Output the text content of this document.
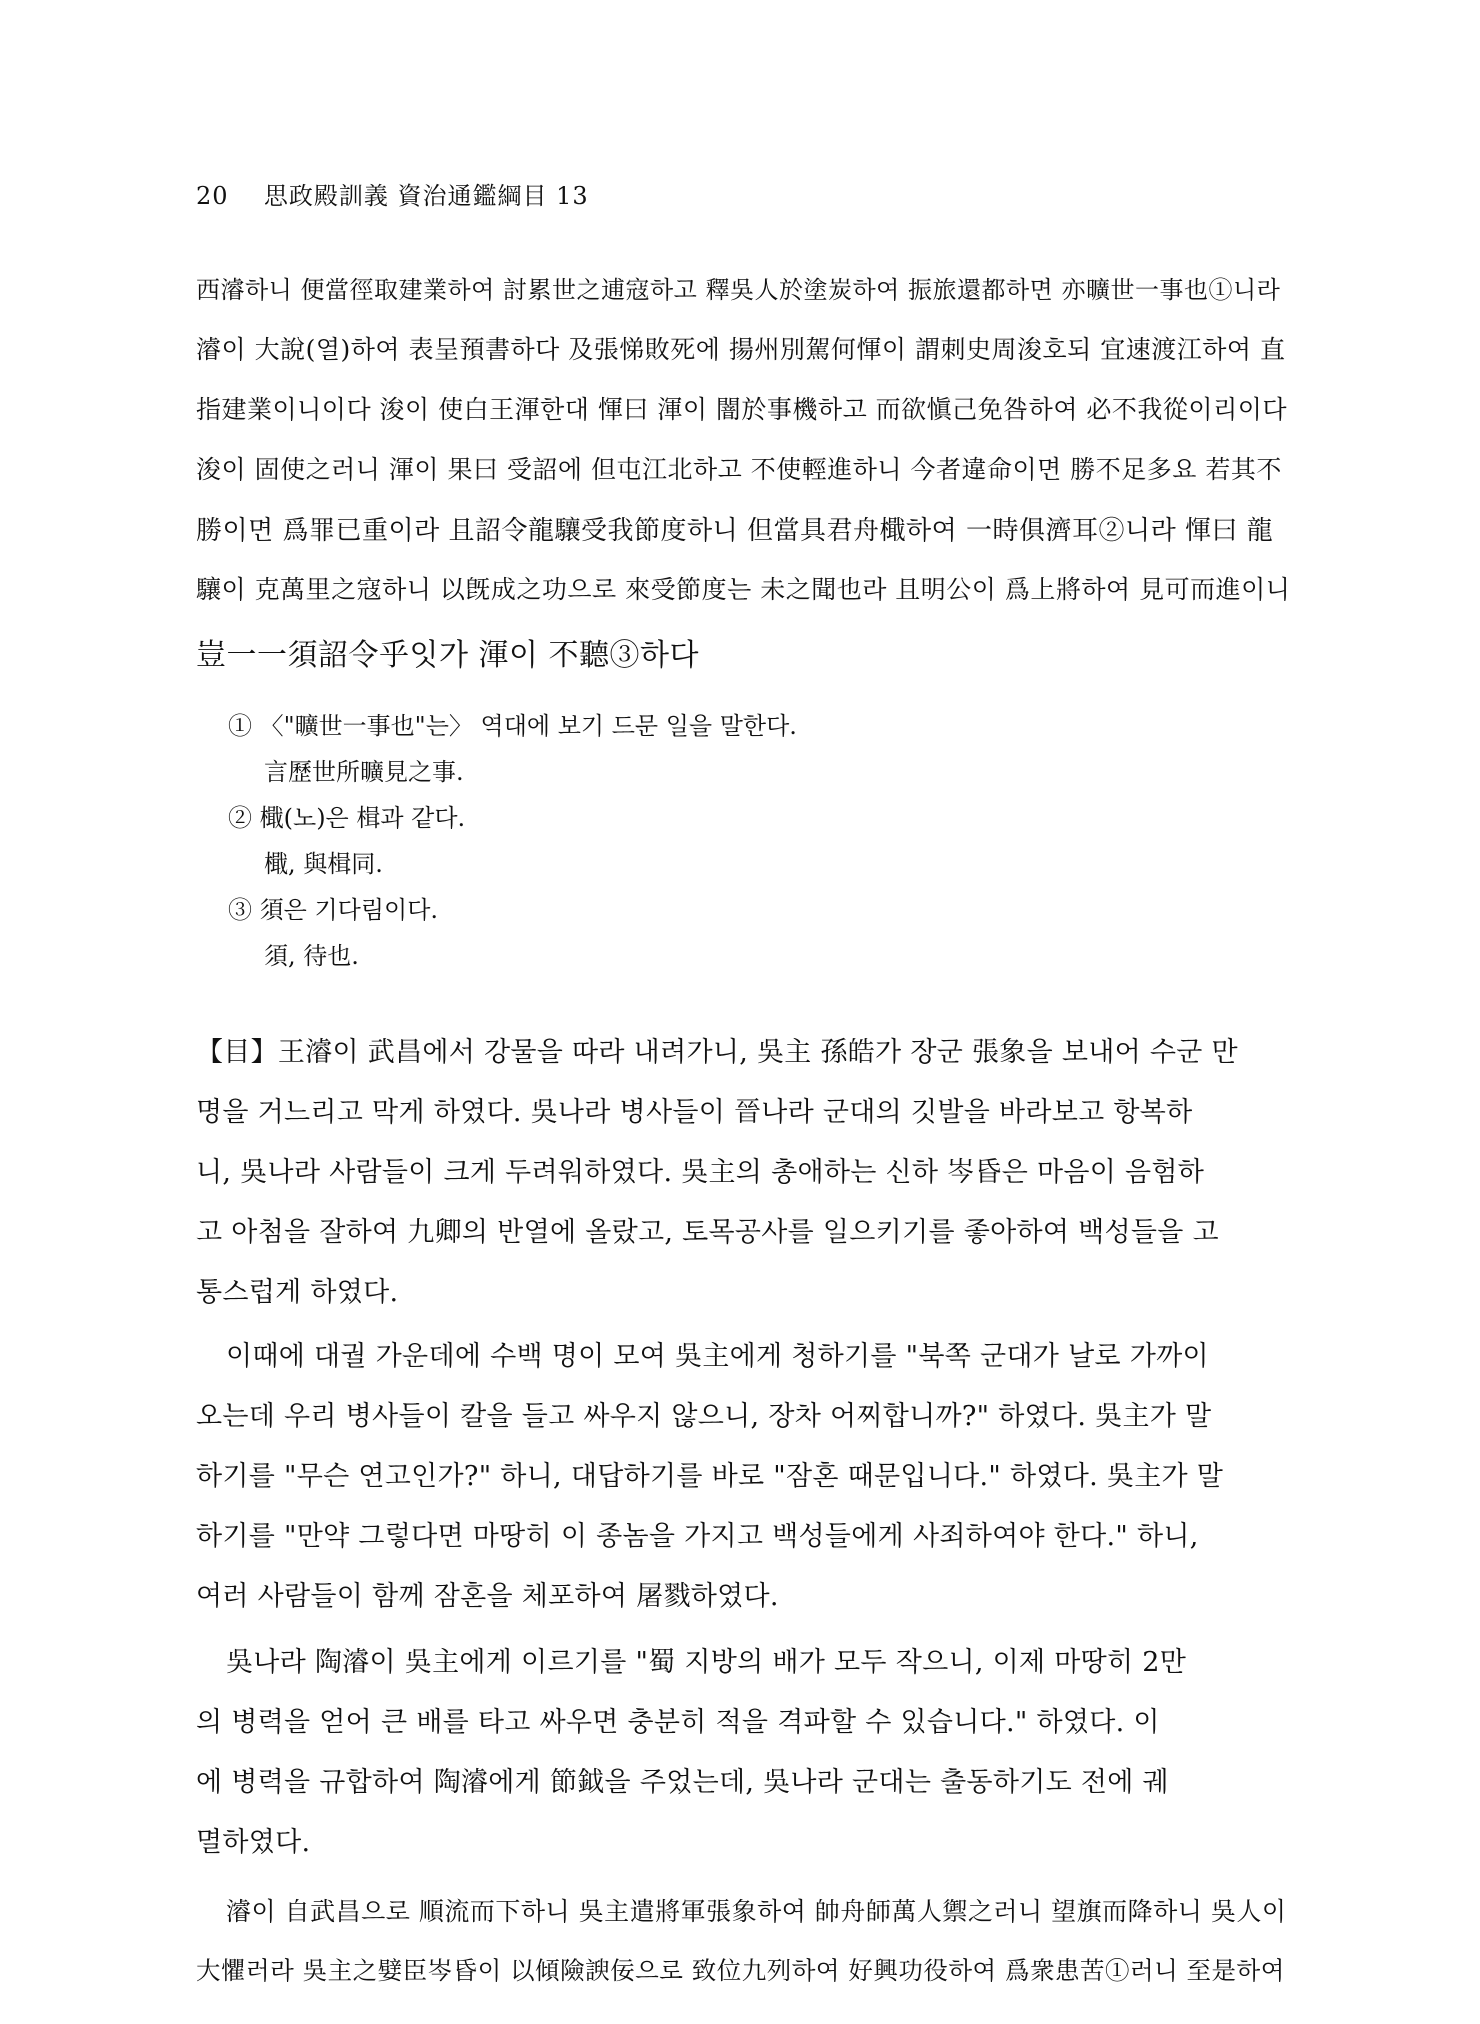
20 思政殿訓義 資治通鑑綱目 13
西濬하니 便當徑取建業하여 討累世之逋寇하고 釋吳人於塗炭하여 振旅還都하면 亦曠世一事也①니라
濬이 大說(열)하여 表呈預書하다 及張悌敗死에 揚州別駕何惲이 謂刺史周浚호되 宜速渡江하여 直
指建業이니이다 浚이 使白王渾한대 惲曰 渾이 闇於事機하고 而欲愼己免咎하여 必不我從이리이다
浚이 固使之러니 渾이 果曰 受詔에 但屯江北하고 不使輕進하니 今者違命이면 勝不足多요 若其不
勝이면 爲罪已重이라 且詔令龍驤受我節度하니 但當具君舟檝하여 一時俱濟耳②니라 惲曰 龍
驤이 克萬里之寇하니 以旣成之功으로 來受節度는 未之聞也라 且明公이 爲上將하여 見可而進이니
豈一一須詔令乎잇가 渾이 不聽③하다
① 〈"曠世一事也"는〉 역대에 보기 드문 일을 말한다.
言歷世所曠見之事.
② 檝(노)은 楫과 같다.
檝, 與楫同.
③ 須은 기다림이다.
須, 待也.
【目】王濬이 武昌에서 강물을 따라 내려가니, 吳主 孫皓가 장군 張象을 보내어 수군 만
명을 거느리고 막게 하였다. 吳나라 병사들이 晉나라 군대의 깃발을 바라보고 항복하
니, 吳나라 사람들이 크게 두려워하였다. 吳主의 총애하는 신하 岑昏은 마음이 음험하
고 아첨을 잘하여 九卿의 반열에 올랐고, 토목공사를 일으키기를 좋아하여 백성들을 고
통스럽게 하였다.
이때에 대궐 가운데에 수백 명이 모여 吳主에게 청하기를 "북쪽 군대가 날로 가까이
오는데 우리 병사들이 칼을 들고 싸우지 않으니, 장차 어찌합니까?" 하였다. 吳主가 말
하기를 "무슨 연고인가?" 하니, 대답하기를 바로 "잠혼 때문입니다." 하였다. 吳主가 말
하기를 "만약 그렇다면 마땅히 이 종놈을 가지고 백성들에게 사죄하여야 한다." 하니,
여러 사람들이 함께 잠혼을 체포하여 屠戮하였다.
吳나라 陶濬이 吳主에게 이르기를 "蜀 지방의 배가 모두 작으니, 이제 마땅히 2만
의 병력을 얻어 큰 배를 타고 싸우면 충분히 적을 격파할 수 있습니다." 하였다. 이
에 병력을 규합하여 陶濬에게 節鉞을 주었는데, 吳나라 군대는 출동하기도 전에 궤
멸하였다.
濬이 自武昌으로 順流而下하니 吳主遣將軍張象하여 帥舟師萬人禦之러니 望旗而降하니 吳人이
大懼러라 吳主之嬖臣岑昏이 以傾險諛佞으로 致位九列하여 好興功役하여 爲衆患苦①러니 至是하여
